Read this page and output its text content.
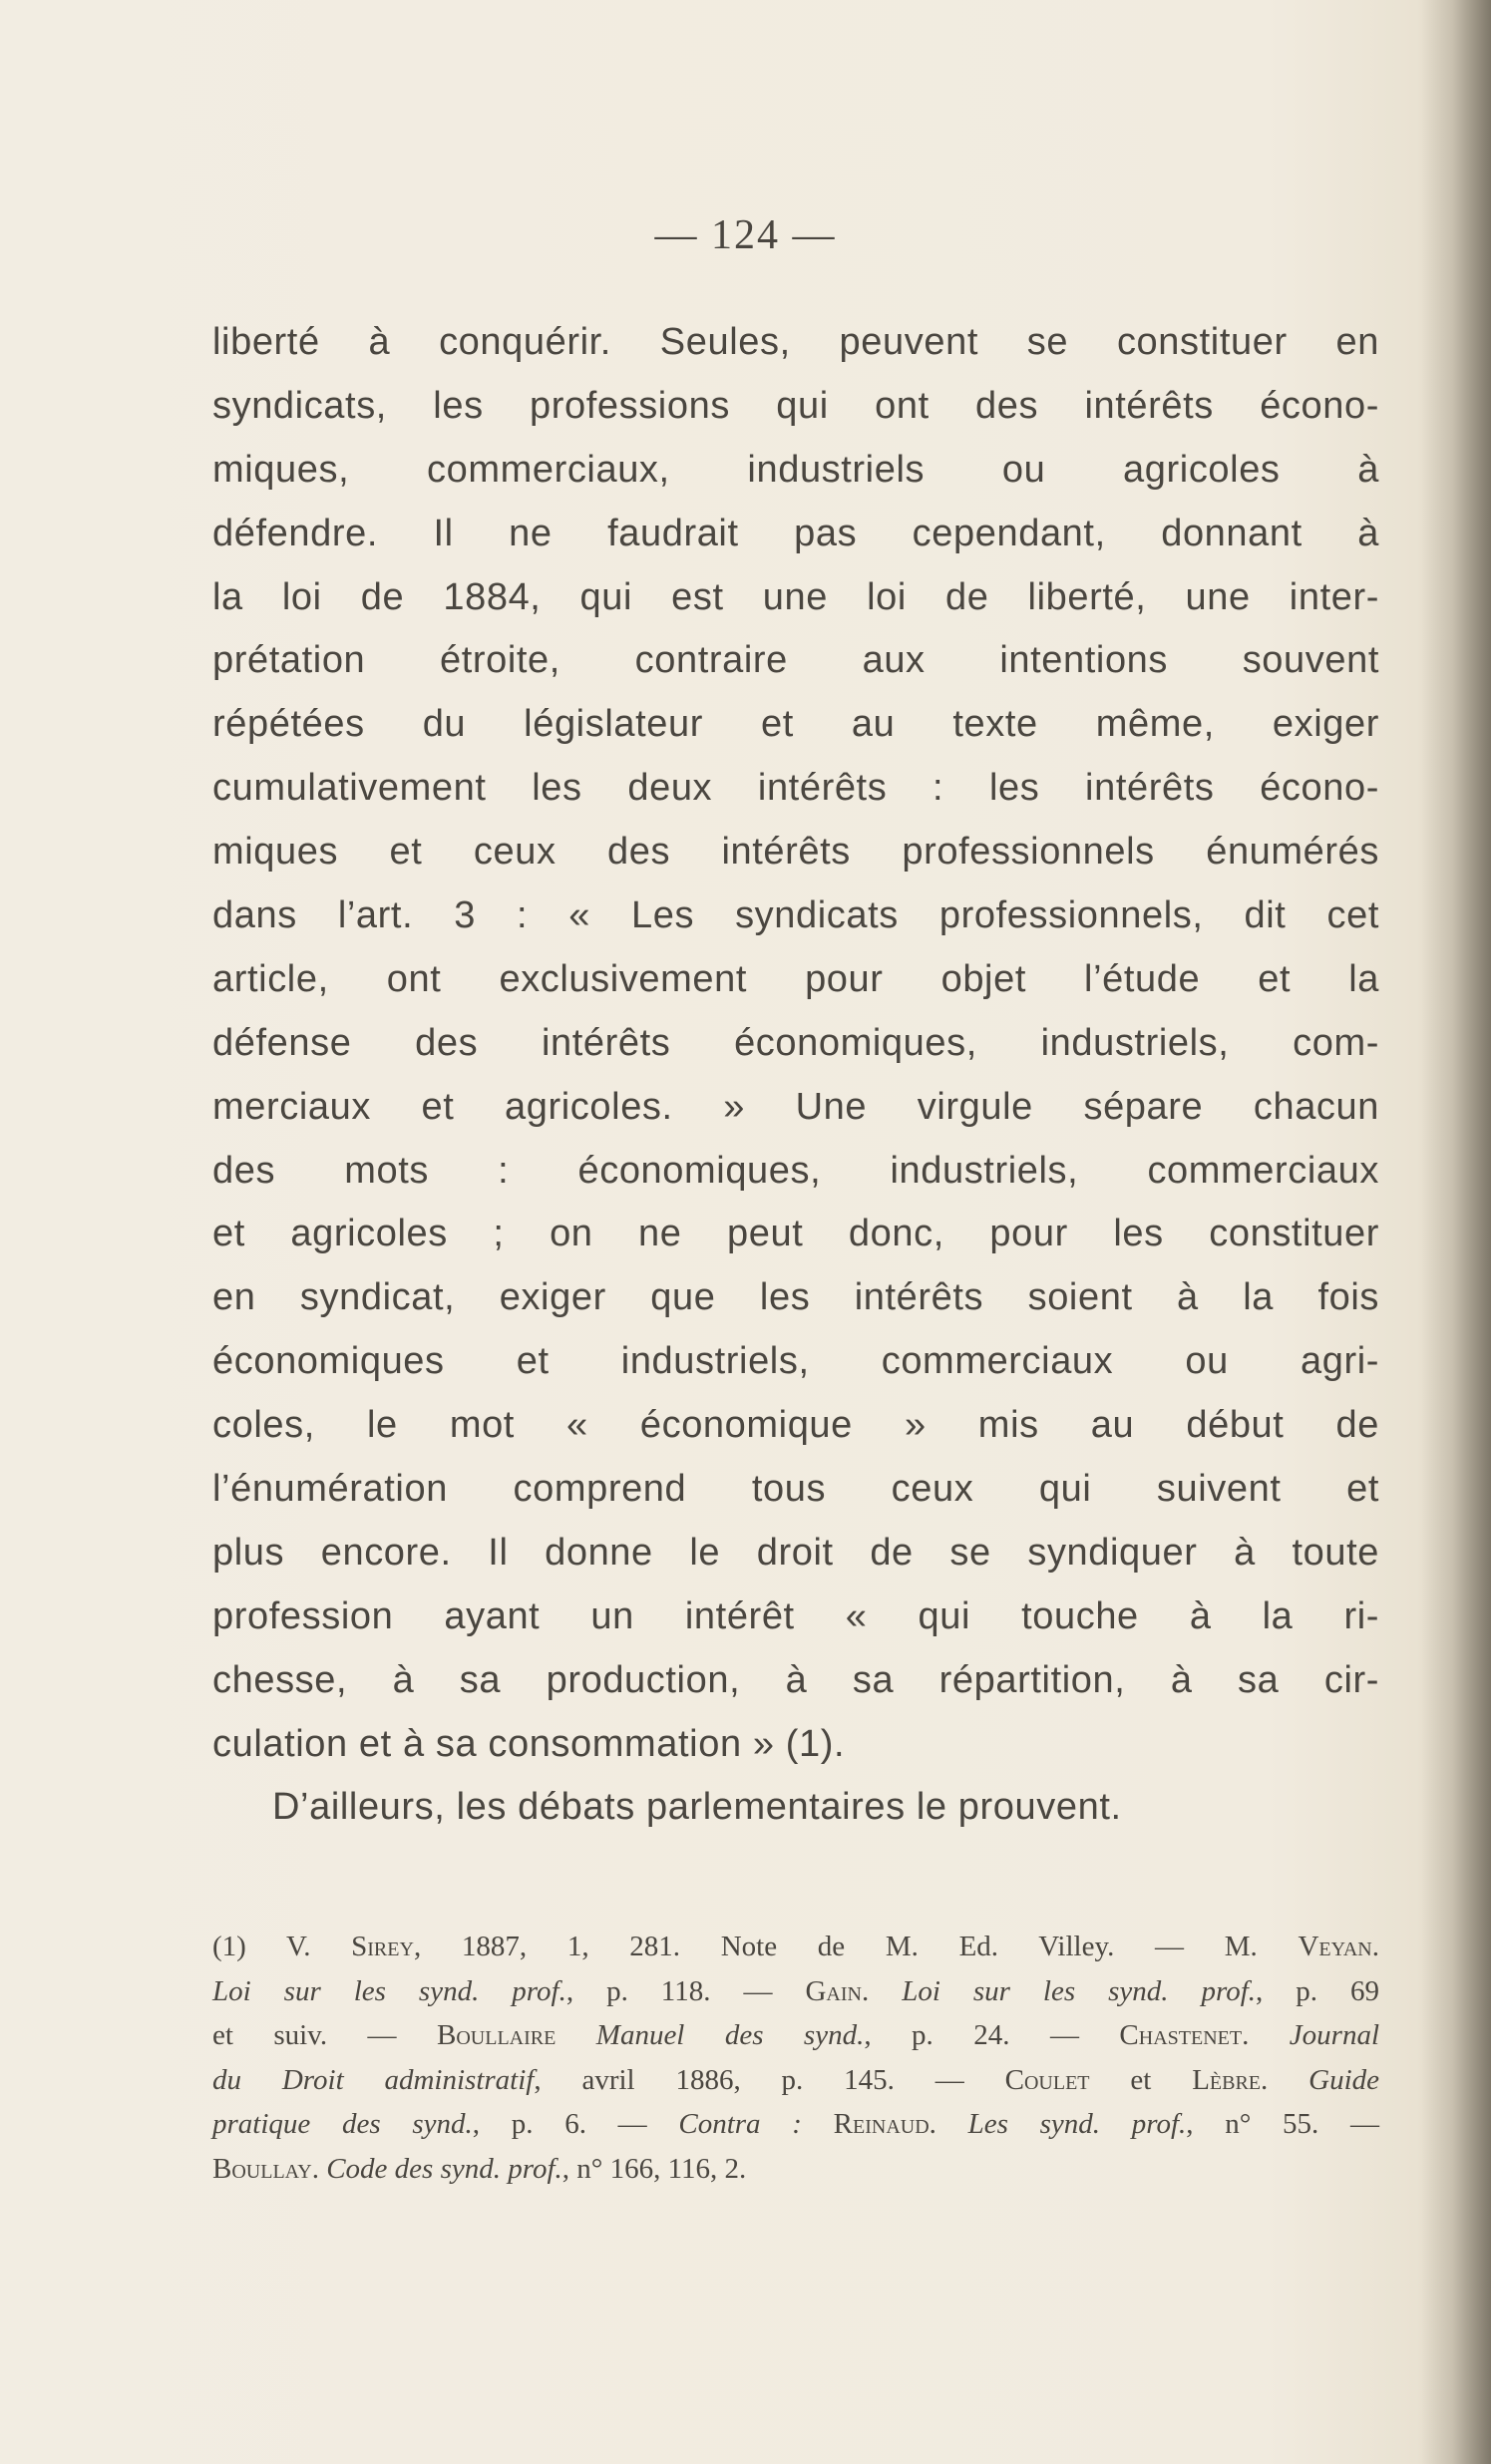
— 124 —
liberté à conquérir. Seules, peuvent se constituer en
syndicats, les professions qui ont des intérêts écono-
miques, commerciaux, industriels ou agricoles à
défendre. Il ne faudrait pas cependant, donnant à
la loi de 1884, qui est une loi de liberté, une inter-
prétation étroite, contraire aux intentions souvent
répétées du législateur et au texte même, exiger
cumulativement les deux intérêts : les intérêts écono-
miques et ceux des intérêts professionnels énumérés
dans l’art. 3 : « Les syndicats professionnels, dit cet
article, ont exclusivement pour objet l’étude et la
défense des intérêts économiques, industriels, com-
merciaux et agricoles. » Une virgule sépare chacun
des mots : économiques, industriels, commerciaux
et agricoles ; on ne peut donc, pour les constituer
en syndicat, exiger que les intérêts soient à la fois
économiques et industriels, commerciaux ou agri-
coles, le mot « économique » mis au début de
l’énumération comprend tous ceux qui suivent et
plus encore. Il donne le droit de se syndiquer à toute
profession ayant un intérêt « qui touche à la ri-
chesse, à sa production, à sa répartition, à sa cir-
culation et à sa consommation » (1).
D’ailleurs, les débats parlementaires le prouvent.
(1) V. Sirey, 1887, 1, 281. Note de M. Ed. Villey. — M. Veyan.
Loi sur les synd. prof., p. 118. — Gain. Loi sur les synd. prof., p. 69
et suiv. — Boullaire Manuel des synd., p. 24. — Chastenet. Journal
du Droit administratif, avril 1886, p. 145. — Coulet et Lèbre. Guide
pratique des synd., p. 6. — Contra : Reinaud. Les synd. prof., n° 55. —
Boullay. Code des synd. prof., n° 166, 116, 2.
